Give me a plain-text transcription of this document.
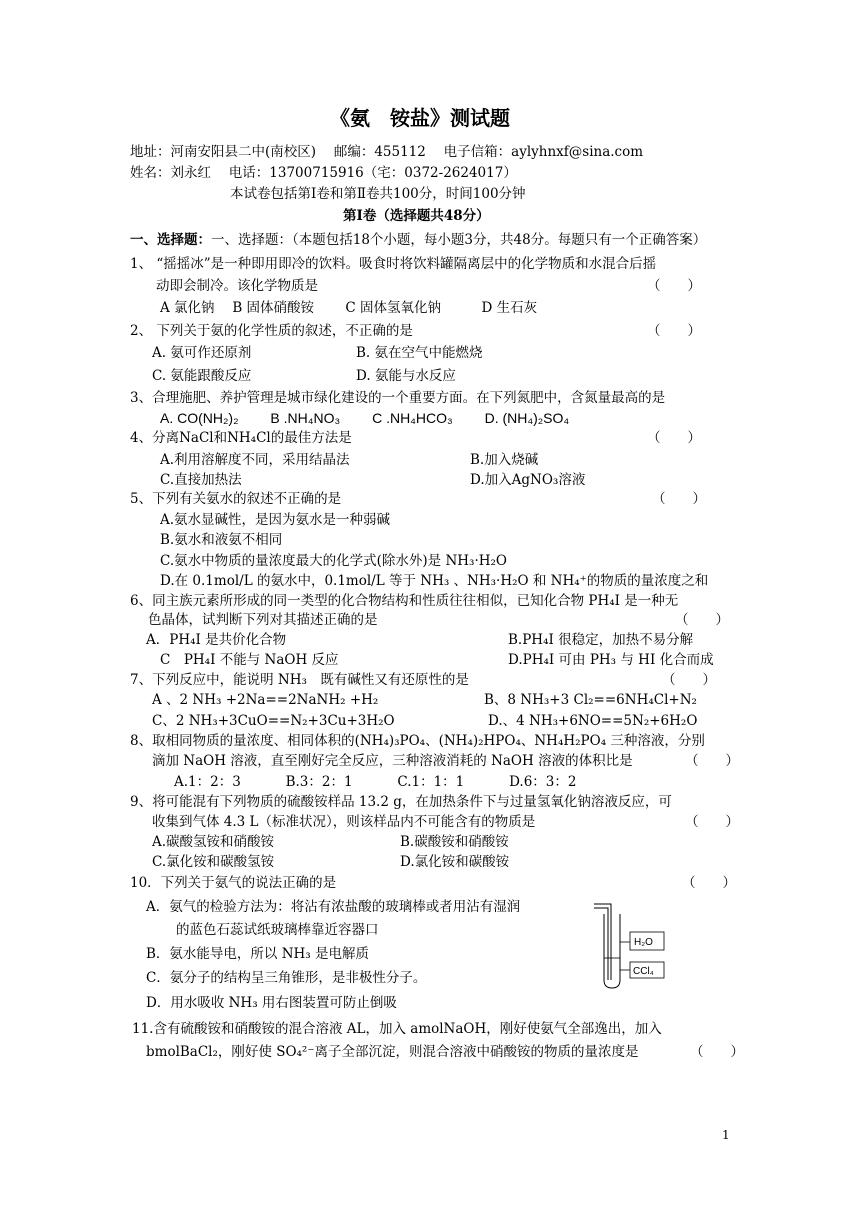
《氨　铵盐》测试题
地址：河南安阳县二中(南校区)　 邮编：455112　 电子信箱：aylyhnxf@sina.com
姓名：刘永红　 电话：13700715916（宅：0372-2624017）
本试卷包括第Ⅰ卷和第Ⅱ卷共100分，时间100分钟
第Ⅰ卷（选择题共48分）
一、选择题：一、选择题：（本题包括18个小题，每小题3分，共48分。每题只有一个正确答案）
1、 “摇摇冰”是一种即用即冷的饮料。吸食时将饮料罐隔离层中的化学物质和水混合后摇
动即会制冷。该化学物质是	（　　）
A 氯化钠　 B 固体硝酸铵　　 C 固体氢氧化钠　　　D 生石灰
2、 下列关于氨的化学性质的叙述，不正确的是	（　　）
A. 氨可作还原剂	B. 氨在空气中能燃烧
C. 氨能跟酸反应	D. 氨能与水反应
3、合理施肥、养护管理是城市绿化建设的一个重要方面。在下列氮肥中，含氮量最高的是
A. CO(NH₂)₂　　 B .NH₄NO₃　　 C .NH₄HCO₃　　 D. (NH₄)₂SO₄
4、分离NaCl和NH₄Cl的最佳方法是	（　　）
A.利用溶解度不同，采用结晶法	B.加入烧碱
C.直接加热法	D.加入AgNO₃溶液
5、下列有关氨水的叙述不正确的是	（　　）
A.氨水显碱性，是因为氨水是一种弱碱
B.氨水和液氨不相同
C.氨水中物质的量浓度最大的化学式(除水外)是 NH₃·H₂O
D.在 0.1mol/L 的氨水中，0.1mol/L 等于 NH₃ 、NH₃·H₂O 和 NH₄⁺的物质的量浓度之和
6、同主族元素所形成的同一类型的化合物结构和性质往往相似，已知化合物 PH₄I 是一种无
色晶体，试判断下列对其描述正确的是	（　　）
A．PH₄I 是共价化合物	B.PH₄I 很稳定，加热不易分解
C　PH₄I 不能与 NaOH 反应	D.PH₄I 可由 PH₃ 与 HI 化合而成
7、下列反应中，能说明 NH₃　既有碱性又有还原性的是	（　　）
A 、2 NH₃ +2Na==2NaNH₂ +H₂	B、8 NH₃+3 Cl₂==6NH₄Cl+N₂
C、2 NH₃+3CuO==N₂+3Cu+3H₂O	D.、4 NH₃+6NO==5N₂+6H₂O
8、取相同物质的量浓度、相同体积的(NH₄)₃PO₄、(NH₄)₂HPO₄、NH₄H₂PO₄ 三种溶液，分别
滴加 NaOH 溶液，直至刚好完全反应，三种溶液消耗的 NaOH 溶液的体积比是	（　　）
A.1：2：3　　　 B.3：2：1　　　 C.1：1：1　　　 D.6：3：2
9、将可能混有下列物质的硫酸铵样品 13.2 g，在加热条件下与过量氢氧化钠溶液反应，可
收集到气体 4.3 L（标准状况），则该样品内不可能含有的物质是	（　　）
A.碳酸氢铵和硝酸铵	B.碳酸铵和硝酸铵
C.氯化铵和碳酸氢铵	D.氯化铵和碳酸铵
10．下列关于氨气的说法正确的是	（　　）
A．氨气的检验方法为：将沾有浓盐酸的玻璃棒或者用沾有湿润
的蓝色石蕊试纸玻璃棒靠近容器口
B．氨水能导电，所以 NH₃ 是电解质
C．氨分子的结构呈三角锥形，是非极性分子。
D．用水吸收 NH₃ 用右图装置可防止倒吸
H₂O
CCl₄
11.含有硫酸铵和硝酸铵的混合溶液 AL，加入 amolNaOH，刚好使氨气全部逸出，加入
bmolBaCl₂，刚好使 SO₄²⁻离子全部沉淀，则混合溶液中硝酸铵的物质的量浓度是	（　　）
1
